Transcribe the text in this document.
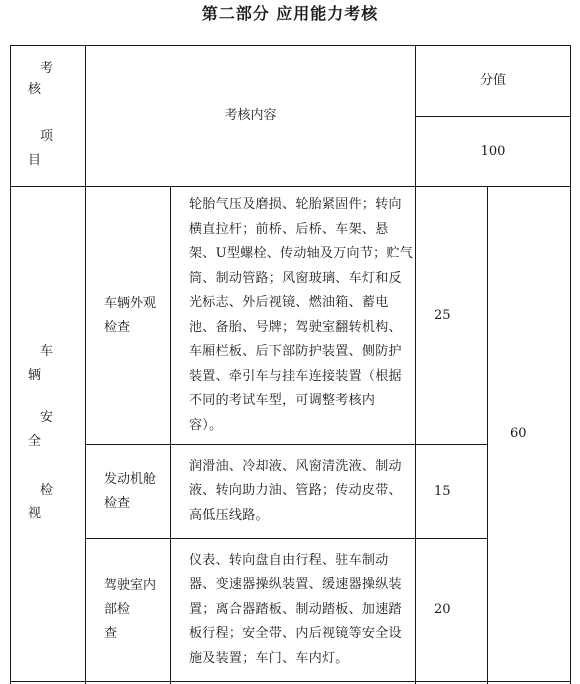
第二部分 应用能力考核
考
核
项
目
考核内容
分值
100
车
辆
安
全
检
视
车辆外观
检查
轮胎气压及磨损、轮胎紧固件；转向
横直拉杆；前桥、后桥、车架、悬
架、U型螺栓、传动轴及万向节；贮气
筒、制动管路；风窗玻璃、车灯和反
光标志、外后视镜、燃油箱、蓄电
池、备胎、号牌；驾驶室翻转机构、
车厢栏板、后下部防护装置、侧防护
装置、牵引车与挂车连接装置（根据
不同的考试车型，可调整考核内
容）。
25
发动机舱
检查
润滑油、冷却液、风窗清洗液、制动
液、转向助力油、管路；传动皮带、
高低压线路。
15
驾驶室内
部检
查
仪表、转向盘自由行程、驻车制动
器、变速器操纵装置、缓速器操纵装
置；离合器踏板、制动踏板、加速踏
板行程；安全带、内后视镜等安全设
施及装置；车门、车内灯。
20
60
